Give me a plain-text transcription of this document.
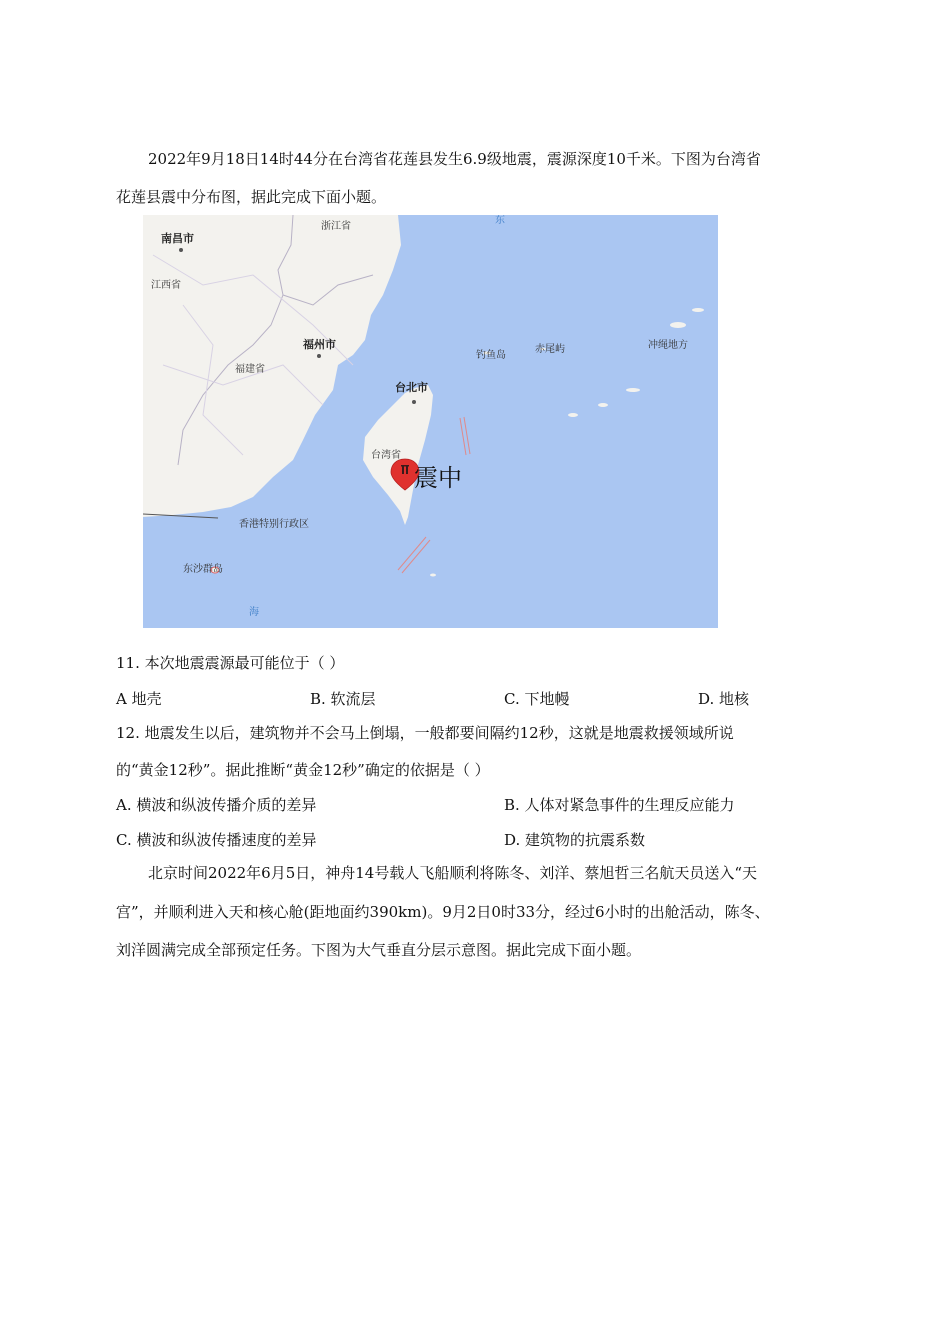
2022年9月18日14时44分在台湾省花莲县发生6.9级地震，震源深度10千米。下图为台湾省
花莲县震中分布图，据此完成下面小题。
南昌市
浙江省
江西省
福州市
福建省
钓鱼岛
赤尾屿	冲绳地方
台北市
台湾省
香港特别行政区
东沙群岛
海
东
震中
11. 本次地震震源最可能位于（ ）
A 地壳	B. 软流层	C. 下地幔	D. 地核
12. 地震发生以后，建筑物并不会马上倒塌，一般都要间隔约12秒，这就是地震救援领域所说
的“黄金12秒”。据此推断“黄金12秒”确定的依据是（ ）
A. 横波和纵波传播介质的差异	B. 人体对紧急事件的生理反应能力
C. 横波和纵波传播速度的差异	D. 建筑物的抗震系数
北京时间2022年6月5日，神舟14号载人飞船顺利将陈冬、刘洋、蔡旭哲三名航天员送入“天
宫”，并顺利进入天和核心舱(距地面约390km)。9月2日0时33分，经过6小时的出舱活动，陈冬、
刘洋圆满完成全部预定任务。下图为大气垂直分层示意图。据此完成下面小题。
